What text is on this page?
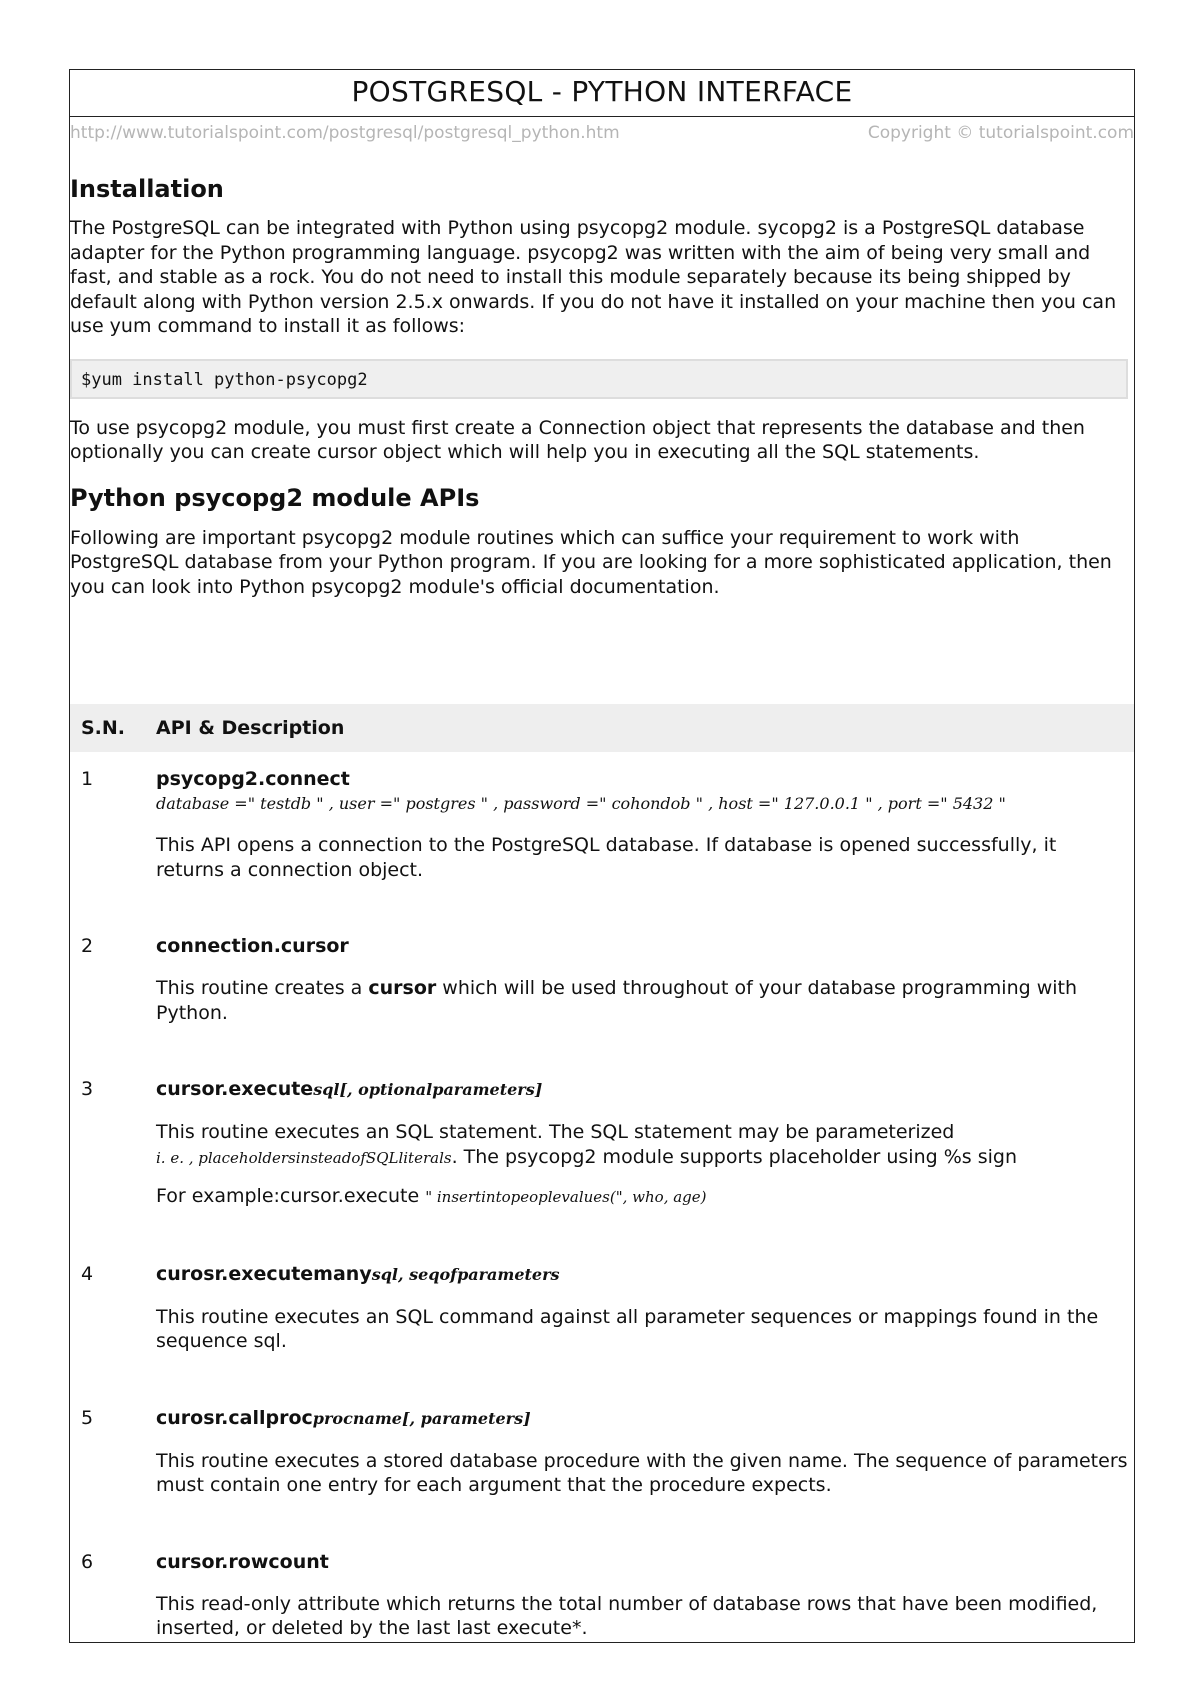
POSTGRESQL - PYTHON INTERFACE
http://www.tutorialspoint.com/postgresql/postgresql_python.htm	Copyright © tutorialspoint.com
Installation

The PostgreSQL can be integrated with Python using psycopg2 module. sycopg2 is a PostgreSQL database adapter for the Python programming language. psycopg2 was written with the aim of being very small and fast, and stable as a rock. You do not need to install this module separately because its being shipped by default along with Python version 2.5.x onwards. If you do not have it installed on your machine then you can use yum command to install it as follows:

$yum install python-psycopg2

To use psycopg2 module, you must first create a Connection object that represents the database and then optionally you can create cursor object which will help you in executing all the SQL statements.

Python psycopg2 module APIs

Following are important psycopg2 module routines which can suffice your requirement to work with PostgreSQL database from your Python program. If you are looking for a more sophisticated application, then you can look into Python psycopg2 module's official documentation.

S.N. API & Description
1	psycopg2.connect
database =" testdb " , user =" postgres " , password =" cohondob " , host =" 127.0.0.1 " , port =" 5432 "
This API opens a connection to the PostgreSQL database. If database is opened successfully, it returns a connection object.
2	connection.cursor
This routine creates a cursor which will be used throughout of your database programming with Python.
3	cursor.executesql[, optionalparameters]
This routine executes an SQL statement. The SQL statement may be parameterized
i. e. , placeholdersinsteadofSQLliterals. The psycopg2 module supports placeholder using %s sign
For example:cursor.execute " insertintopeoplevalues(", who, age)
4	curosr.executemanysql, seqofparameters
This routine executes an SQL command against all parameter sequences or mappings found in the sequence sql.
5	curosr.callprocprocname[, parameters]
This routine executes a stored database procedure with the given name. The sequence of parameters must contain one entry for each argument that the procedure expects.
6	cursor.rowcount
This read-only attribute which returns the total number of database rows that have been modified, inserted, or deleted by the last last execute*.
